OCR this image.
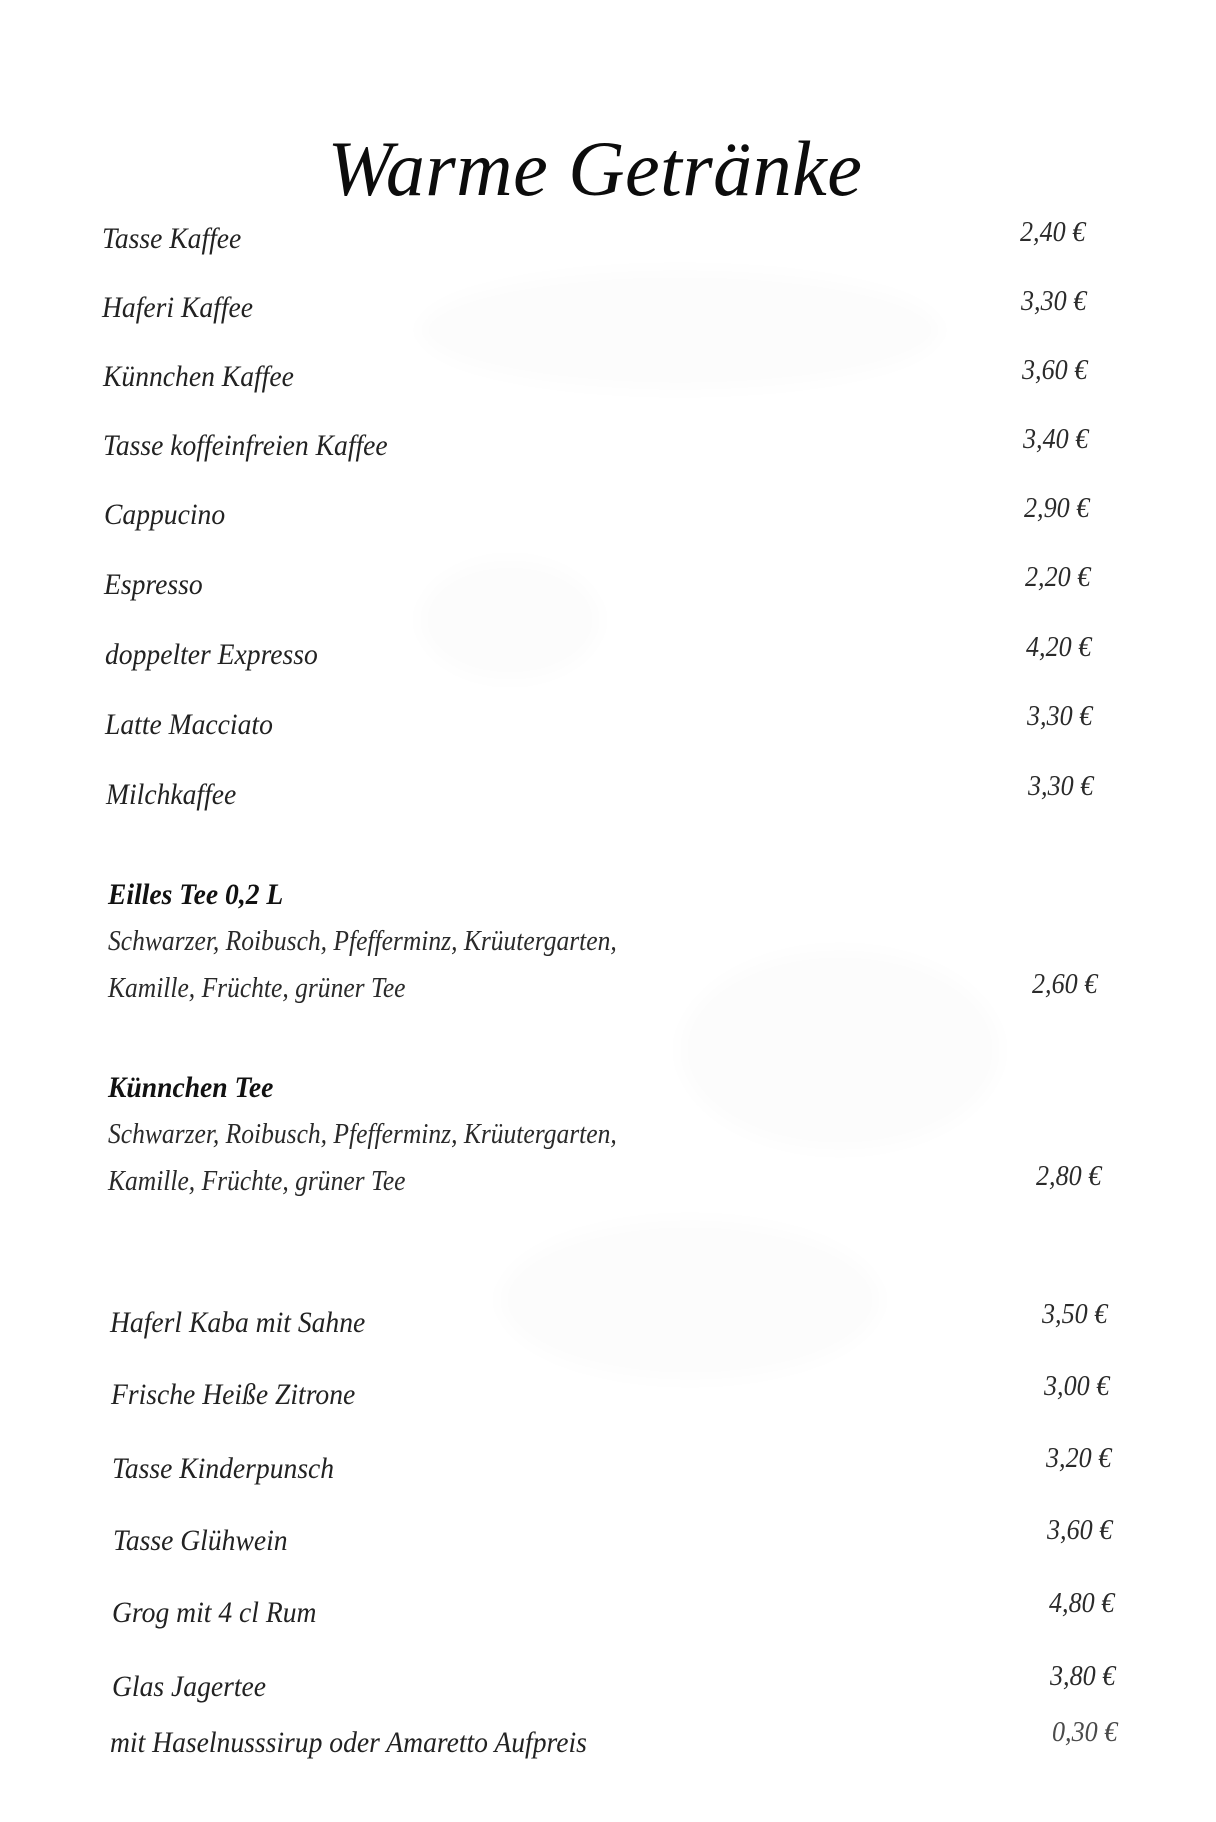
Warme Getränke
Tasse Kaffee	2,40 €
Haferi Kaffee	3,30 €
Künnchen Kaffee	3,60 €
Tasse koffeinfreien Kaffee	3,40 €
Cappucino	2,90 €
Espresso	2,20 €
doppelter Expresso	4,20 €
Latte Macciato	3,30 €
Milchkaffee	3,30 €
Eilles Tee 0,2 L
Schwarzer, Roibusch, Pfefferminz, Krüutergarten,
Kamille, Früchte, grüner Tee	2,60 €
Künnchen Tee
Schwarzer, Roibusch, Pfefferminz, Krüutergarten,
Kamille, Früchte, grüner Tee	2,80 €
Haferl Kaba mit Sahne	3,50 €
Frische Heiße Zitrone	3,00 €
Tasse Kinderpunsch	3,20 €
Tasse Glühwein	3,60 €
Grog mit 4 cl Rum	4,80 €
Glas Jagertee	3,80 €
mit Haselnusssirup oder Amaretto Aufpreis	0,30 €
